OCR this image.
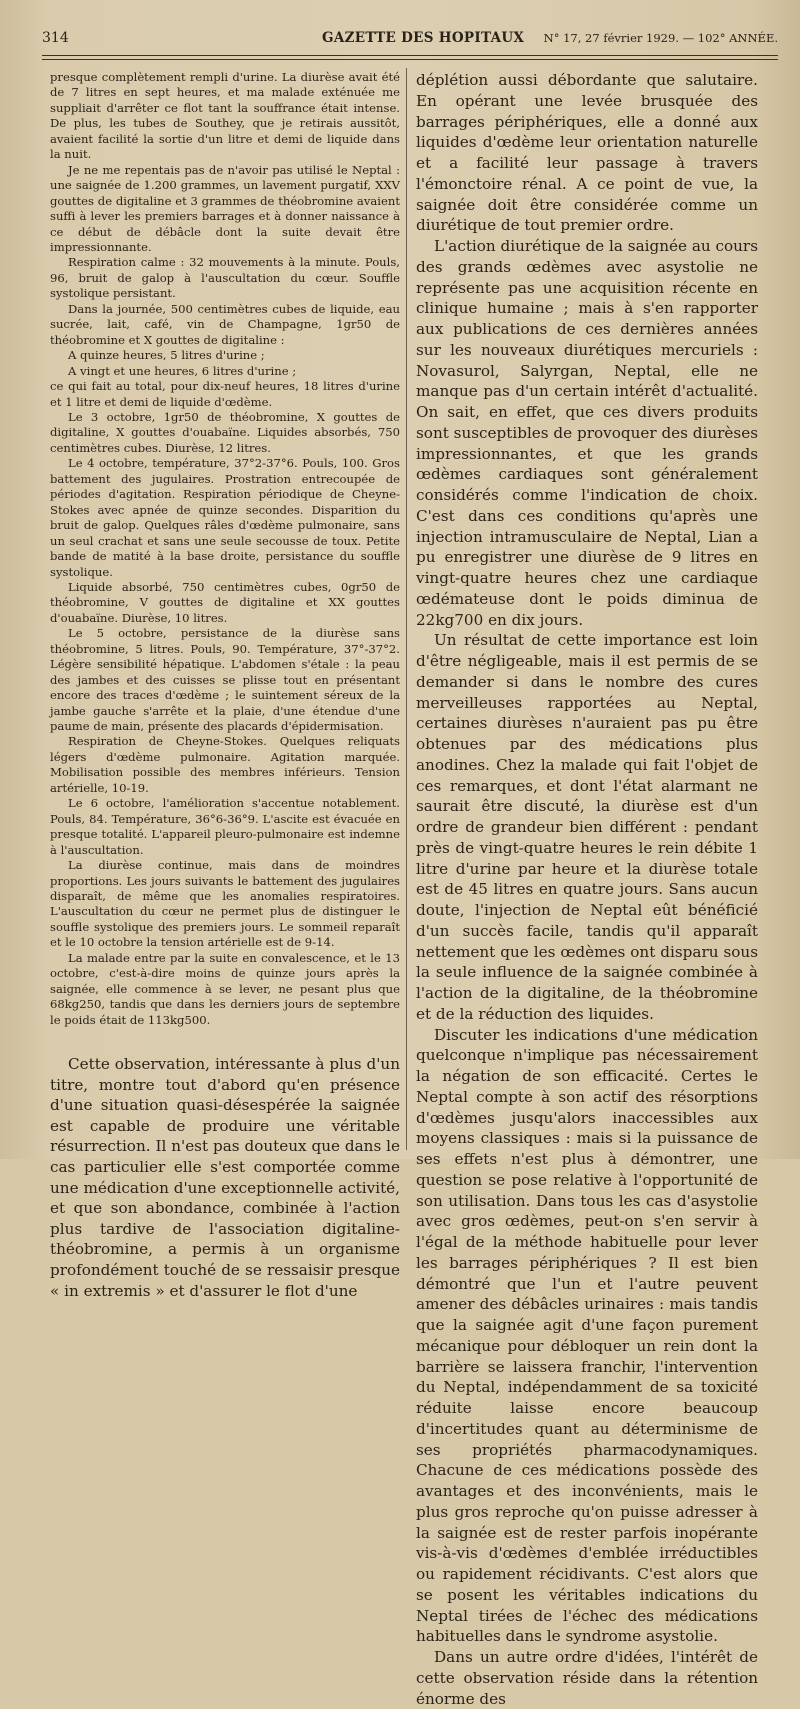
314	GAZETTE DES HOPITAUX N° 17, 27 février 1929. — 102° ANNÉE.

presque complètement rempli d'urine. La diurèse avait été de 7 litres en sept heures, et ma malade exténuée me suppliait d'arrêter ce flot tant la souffrance était intense. De plus, les tubes de Southey, que je retirais aussitôt, avaient facilité la sortie d'un litre et demi de liquide dans la nuit.

Je ne me repentais pas de n'avoir pas utilisé le Neptal : une saignée de 1.200 grammes, un lavement purgatif, XXV gouttes de digitaline et 3 grammes de théobromine avaient suffi à lever les premiers barrages et à donner naissance à ce début de débâcle dont la suite devait être impressionnante.

Respiration calme : 32 mouvements à la minute. Pouls, 96, bruit de galop à l'auscultation du cœur. Souffle systolique persistant.

Dans la journée, 500 centimètres cubes de liquide, eau sucrée, lait, café, vin de Champagne, 1gr50 de théobromine et X gouttes de digitaline :

A quinze heures, 5 litres d'urine ;

A vingt et une heures, 6 litres d'urine ;

ce qui fait au total, pour dix-neuf heures, 18 litres d'urine et 1 litre et demi de liquide d'œdème.

Le 3 octobre, 1gr50 de théobromine, X gouttes de digitaline, X gouttes d'ouabaïne. Liquides absorbés, 750 centimètres cubes. Diurèse, 12 litres.

Le 4 octobre, température, 37°2-37°6. Pouls, 100. Gros battement des jugulaires. Prostration entrecoupée de périodes d'agitation. Respiration périodique de Cheyne-Stokes avec apnée de quinze secondes. Disparition du bruit de galop. Quelques râles d'œdème pulmonaire, sans un seul crachat et sans une seule secousse de toux. Petite bande de matité à la base droite, persistance du souffle systolique.

Liquide absorbé, 750 centimètres cubes, 0gr50 de théobromine, V gouttes de digitaline et XX gouttes d'ouabaïne. Diurèse, 10 litres.

Le 5 octobre, persistance de la diurèse sans théobromine, 5 litres. Pouls, 90. Température, 37°-37°2. Légère sensibilité hépatique. L'abdomen s'étale : la peau des jambes et des cuisses se plisse tout en présentant encore des traces d'œdème ; le suintement séreux de la jambe gauche s'arrête et la plaie, d'une étendue d'une paume de main, présente des placards d'épidermisation.

Respiration de Cheyne-Stokes. Quelques reliquats légers d'œdème pulmonaire. Agitation marquée. Mobilisation possible des membres inférieurs. Tension artérielle, 10-19.

Le 6 octobre, l'amélioration s'accentue notablement. Pouls, 84. Température, 36°6-36°9. L'ascite est évacuée en presque totalité. L'appareil pleuro-pulmonaire est indemne à l'auscultation.

La diurèse continue, mais dans de moindres proportions. Les jours suivants le battement des jugulaires disparaît, de même que les anomalies respiratoires. L'auscultation du cœur ne permet plus de distinguer le souffle systolique des premiers jours. Le sommeil reparaît et le 10 octobre la tension artérielle est de 9-14.

La malade entre par la suite en convalescence, et le 13 octobre, c'est-à-dire moins de quinze jours après la saignée, elle commence à se lever, ne pesant plus que 68kg250, tandis que dans les derniers jours de septembre le poids était de 113kg500.

Cette observation, intéressante à plus d'un titre, montre tout d'abord qu'en présence d'une situation quasi-désespérée la saignée est capable de produire une véritable résurrection. Il n'est pas douteux que dans le cas particulier elle s'est comportée comme une médication d'une exceptionnelle activité, et que son abondance, combinée à l'action plus tardive de l'association digitaline-théobromine, a permis à un organisme profondément touché de se ressaisir presque « in extremis » et d'assurer le flot d'une

déplétion aussi débordante que salutaire. En opérant une levée brusquée des barrages périphériques, elle a donné aux liquides d'œdème leur orientation naturelle et a facilité leur passage à travers l'émonctoire rénal. A ce point de vue, la saignée doit être considérée comme un diurétique de tout premier ordre.

L'action diurétique de la saignée au cours des grands œdèmes avec asystolie ne représente pas une acquisition récente en clinique humaine ; mais à s'en rapporter aux publications de ces dernières années sur les nouveaux diurétiques mercuriels : Novasurol, Salyrgan, Neptal, elle ne manque pas d'un certain intérêt d'actualité. On sait, en effet, que ces divers produits sont susceptibles de provoquer des diurèses impressionnantes, et que les grands œdèmes cardiaques sont généralement considérés comme l'indication de choix. C'est dans ces conditions qu'après une injection intramusculaire de Neptal, Lian a pu enregistrer une diurèse de 9 litres en vingt-quatre heures chez une cardiaque œdémateuse dont le poids diminua de 22kg700 en dix jours.

Un résultat de cette importance est loin d'être négligeable, mais il est permis de se demander si dans le nombre des cures merveilleuses rapportées au Neptal, certaines diurèses n'auraient pas pu être obtenues par des médications plus anodines. Chez la malade qui fait l'objet de ces remarques, et dont l'état alarmant ne saurait être discuté, la diurèse est d'un ordre de grandeur bien différent : pendant près de vingt-quatre heures le rein débite 1 litre d'urine par heure et la diurèse totale est de 45 litres en quatre jours. Sans aucun doute, l'injection de Neptal eût bénéficié d'un succès facile, tandis qu'il apparaît nettement que les œdèmes ont disparu sous la seule influence de la saignée combinée à l'action de la digitaline, de la théobromine et de la réduction des liquides.

Discuter les indications d'une médication quelconque n'implique pas nécessairement la négation de son efficacité. Certes le Neptal compte à son actif des résorptions d'œdèmes jusqu'alors inaccessibles aux moyens classiques : mais si la puissance de ses effets n'est plus à démontrer, une question se pose relative à l'opportunité de son utilisation. Dans tous les cas d'asystolie avec gros œdèmes, peut-on s'en servir à l'égal de la méthode habituelle pour lever les barrages périphériques ? Il est bien démontré que l'un et l'autre peuvent amener des débâcles urinaires : mais tandis que la saignée agit d'une façon purement mécanique pour débloquer un rein dont la barrière se laissera franchir, l'intervention du Neptal, indépendamment de sa toxicité réduite laisse encore beaucoup d'incertitudes quant au déterminisme de ses propriétés pharmacodynamiques. Chacune de ces médications possède des avantages et des inconvénients, mais le plus gros reproche qu'on puisse adresser à la saignée est de rester parfois inopérante vis-à-vis d'œdèmes d'emblée irréductibles ou rapidement récidivants. C'est alors que se posent les véritables indications du Neptal tirées de l'échec des médications habituelles dans le syndrome asystolie.

Dans un autre ordre d'idées, l'intérêt de cette observation réside dans la rétention énorme des
